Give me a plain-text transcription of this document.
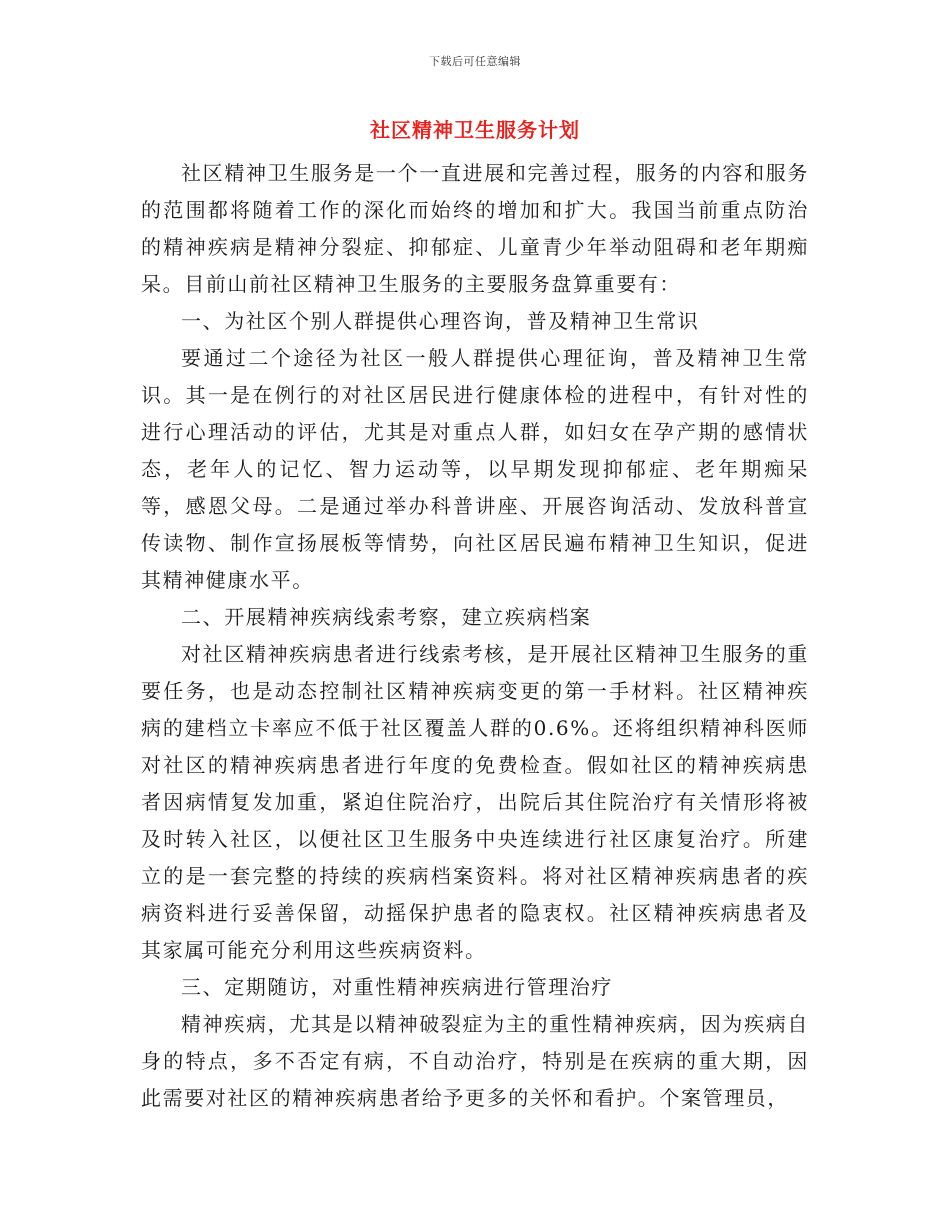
下载后可任意编辑
社区精神卫生服务计划

社区精神卫生服务是一个一直进展和完善过程，服务的内容和服务的范围都将随着工作的深化而始终的增加和扩大。我国当前重点防治的精神疾病是精神分裂症、抑郁症、儿童青少年举动阻碍和老年期痴呆。目前山前社区精神卫生服务的主要服务盘算重要有：

一、为社区个别人群提供心理咨询，普及精神卫生常识

要通过二个途径为社区一般人群提供心理征询，普及精神卫生常识。其一是在例行的对社区居民进行健康体检的进程中，有针对性的进行心理活动的评估，尤其是对重点人群，如妇女在孕产期的感情状态，老年人的记忆、智力运动等，以早期发现抑郁症、老年期痴呆等，感恩父母。二是通过举办科普讲座、开展咨询活动、发放科普宣传读物、制作宣扬展板等情势，向社区居民遍布精神卫生知识，促进其精神健康水平。

二、开展精神疾病线索考察，建立疾病档案

对社区精神疾病患者进行线索考核，是开展社区精神卫生服务的重要任务，也是动态控制社区精神疾病变更的第一手材料。社区精神疾病的建档立卡率应不低于社区覆盖人群的0.6%。还将组织精神科医师对社区的精神疾病患者进行年度的免费检查。假如社区的精神疾病患者因病情复发加重，紧迫住院治疗，出院后其住院治疗有关情形将被及时转入社区，以便社区卫生服务中央连续进行社区康复治疗。所建立的是一套完整的持续的疾病档案资料。将对社区精神疾病患者的疾病资料进行妥善保留，动摇保护患者的隐衷权。社区精神疾病患者及其家属可能充分利用这些疾病资料。

三、定期随访，对重性精神疾病进行管理治疗

精神疾病，尤其是以精神破裂症为主的重性精神疾病，因为疾病自身的特点，多不否定有病，不自动治疗，特别是在疾病的重大期，因此需要对社区的精神疾病患者给予更多的关怀和看护。个案管理员，
